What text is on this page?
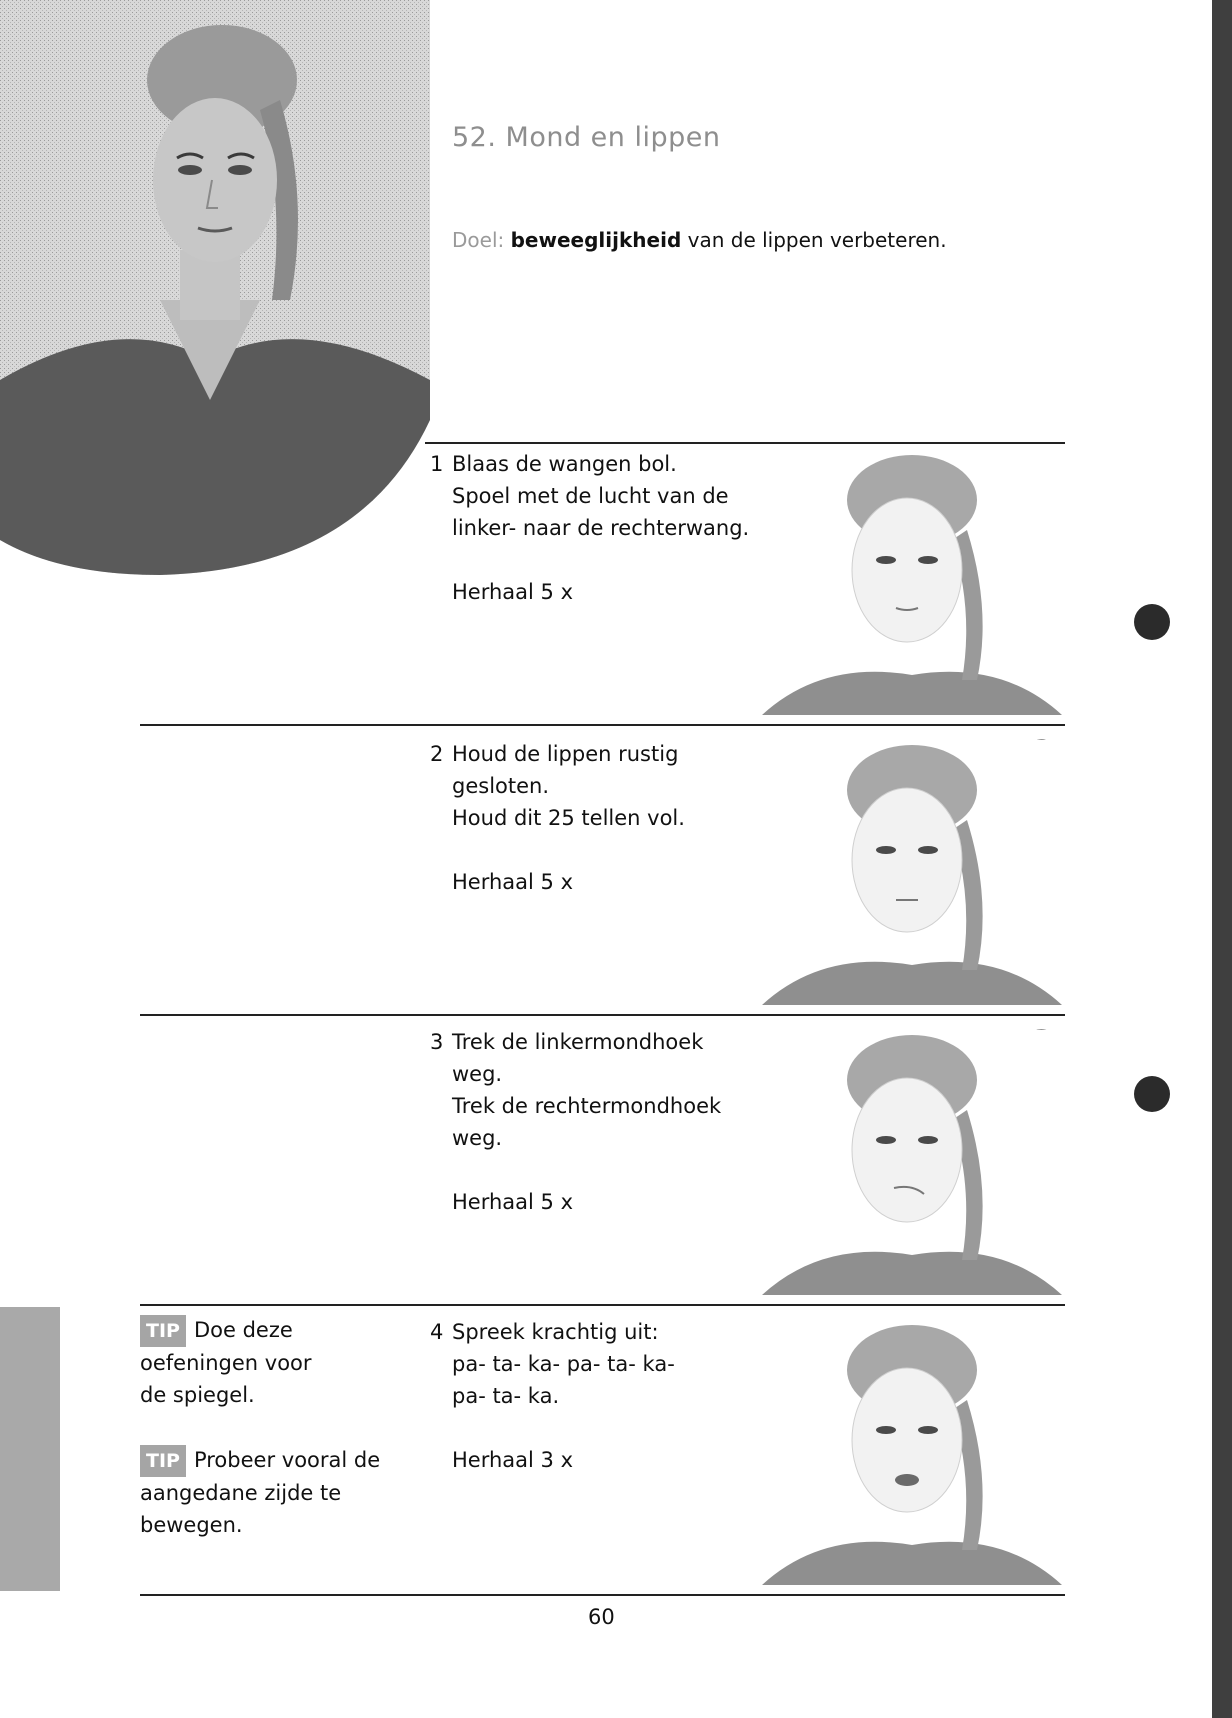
52. Mond en lippen
Doel: beweeglijkheid van de lippen verbeteren.
1 Blaas de wangen bol.
Spoel met de lucht van de
linker- naar de rechterwang.
Herhaal 5 x
2 Houd de lippen rustig
gesloten.
Houd dit 25 tellen vol.
Herhaal 5 x
3 Trek de linkermondhoek
weg.
Trek de rechtermondhoek
weg.
Herhaal 5 x
4 Spreek krachtig uit:
pa- ta- ka- pa- ta- ka-
pa- ta- ka.
Herhaal 3 x
TIP Doe deze
oefeningen voor
de spiegel.
TIP Probeer vooral de
aangedane zijde te
bewegen.
60
